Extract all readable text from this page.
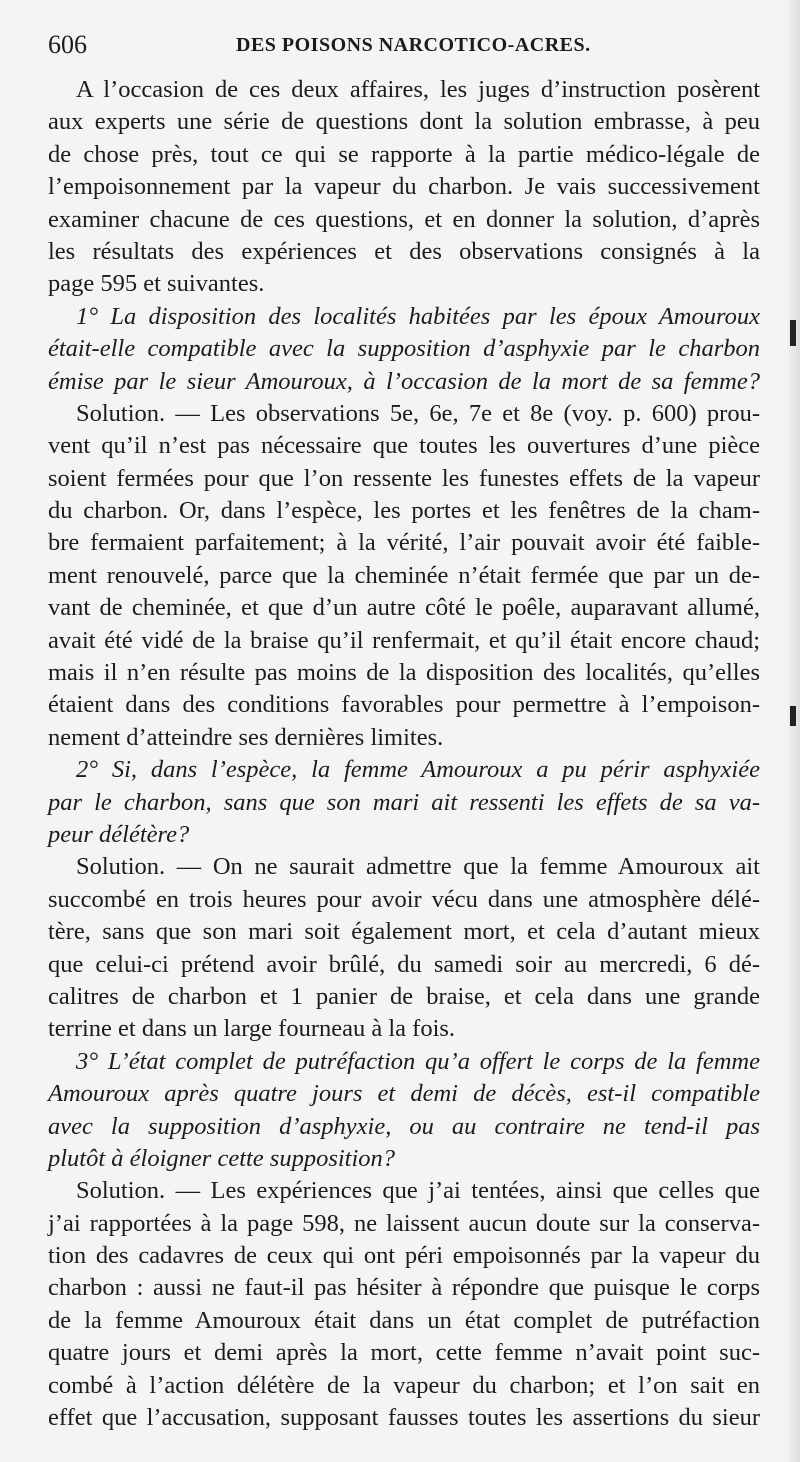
606	DES POISONS NARCOTICO-ACRES.
A l’occasion de ces deux affaires, les juges d’instruction posèrent
aux experts une série de questions dont la solution embrasse, à peu
de chose près, tout ce qui se rapporte à la partie médico-légale de
l’empoisonnement par la vapeur du charbon. Je vais successivement
examiner chacune de ces questions, et en donner la solution, d’après
les résultats des expériences et des observations consignés à la
page 595 et suivantes.
1° La disposition des localités habitées par les époux Amouroux
était-elle compatible avec la supposition d’asphyxie par le charbon
émise par le sieur Amouroux, à l’occasion de la mort de sa femme?
Solution. — Les observations 5e, 6e, 7e et 8e (voy. p. 600) prou-
vent qu’il n’est pas nécessaire que toutes les ouvertures d’une pièce
soient fermées pour que l’on ressente les funestes effets de la vapeur
du charbon. Or, dans l’espèce, les portes et les fenêtres de la cham-
bre fermaient parfaitement; à la vérité, l’air pouvait avoir été faible-
ment renouvelé, parce que la cheminée n’était fermée que par un de-
vant de cheminée, et que d’un autre côté le poêle, auparavant allumé,
avait été vidé de la braise qu’il renfermait, et qu’il était encore chaud;
mais il n’en résulte pas moins de la disposition des localités, qu’elles
étaient dans des conditions favorables pour permettre à l’empoison-
nement d’atteindre ses dernières limites.
2° Si, dans l’espèce, la femme Amouroux a pu périr asphyxiée
par le charbon, sans que son mari ait ressenti les effets de sa va-
peur délétère?
Solution. — On ne saurait admettre que la femme Amouroux ait
succombé en trois heures pour avoir vécu dans une atmosphère délé-
tère, sans que son mari soit également mort, et cela d’autant mieux
que celui-ci prétend avoir brûlé, du samedi soir au mercredi, 6 dé-
calitres de charbon et 1 panier de braise, et cela dans une grande
terrine et dans un large fourneau à la fois.
3° L’état complet de putréfaction qu’a offert le corps de la femme
Amouroux après quatre jours et demi de décès, est-il compatible
avec la supposition d’asphyxie, ou au contraire ne tend-il pas
plutôt à éloigner cette supposition?
Solution. — Les expériences que j’ai tentées, ainsi que celles que
j’ai rapportées à la page 598, ne laissent aucun doute sur la conserva-
tion des cadavres de ceux qui ont péri empoisonnés par la vapeur du
charbon : aussi ne faut-il pas hésiter à répondre que puisque le corps
de la femme Amouroux était dans un état complet de putréfaction
quatre jours et demi après la mort, cette femme n’avait point suc-
combé à l’action délétère de la vapeur du charbon; et l’on sait en
effet que l’accusation, supposant fausses toutes les assertions du sieur
